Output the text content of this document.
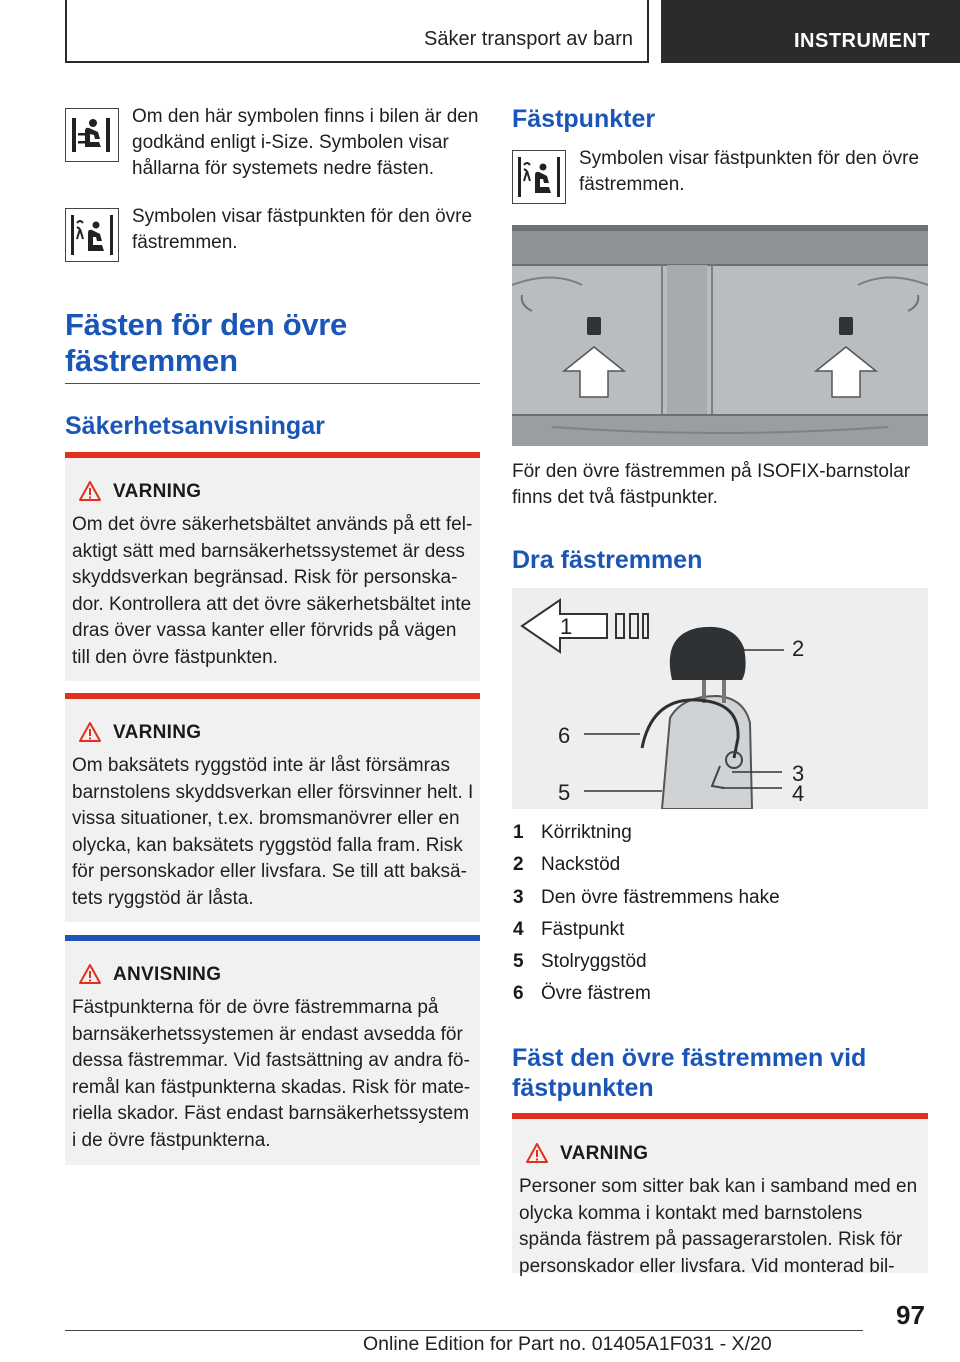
Säker transport av barn	INSTRUMENT
Om den här symbolen finns i bilen är den godkänd enligt i-Size. Symbolen visar hållarna för systemets nedre fästen.
Symbolen visar fästpunkten för den övre fästremmen.
Fästen för den övre fästremmen
Säkerhetsanvisningar
VARNING
Om det övre säkerhetsbältet används på ett fel-aktigt sätt med barnsäkerhetssystemet är dess skyddsverkan begränsad. Risk för personska-dor. Kontrollera att det övre säkerhetsbältet inte dras över vassa kanter eller förvrids på vägen till den övre fästpunkten.
VARNING
Om baksätets ryggstöd inte är låst försämras barnstolens skyddsverkan eller försvinner helt. I vissa situationer, t.ex. bromsmanövrer eller en olycka, kan baksätets ryggstöd falla fram. Risk för personskador eller livsfara. Se till att baksä-tets ryggstöd är låsta.
ANVISNING
Fästpunkterna för de övre fästremmarna på barnsäkerhetssystemen är endast avsedda för dessa fästremmar. Vid fastsättning av andra fö-remål kan fästpunkterna skadas. Risk för mate-riella skador. Fäst endast barnsäkerhetssystem i de övre fästpunkterna.
Fästpunkter
Symbolen visar fästpunkten för den övre fästremmen.
För den övre fästremmen på ISOFIX-barnstolar finns det två fästpunkter.
Dra fästremmen
1
2
3
4
5
6
1 Körriktning
2 Nackstöd
3 Den övre fästremmens hake
4 Fästpunkt
5 Stolryggstöd
6 Övre fästrem
Fäst den övre fästremmen vid fästpunkten
VARNING
Personer som sitter bak kan i samband med en olycka komma i kontakt med barnstolens spända fästrem på passagerarstolen. Risk för personskador eller livsfara. Vid monterad bil-
97
Online Edition for Part no. 01405A1F031 - X/20
